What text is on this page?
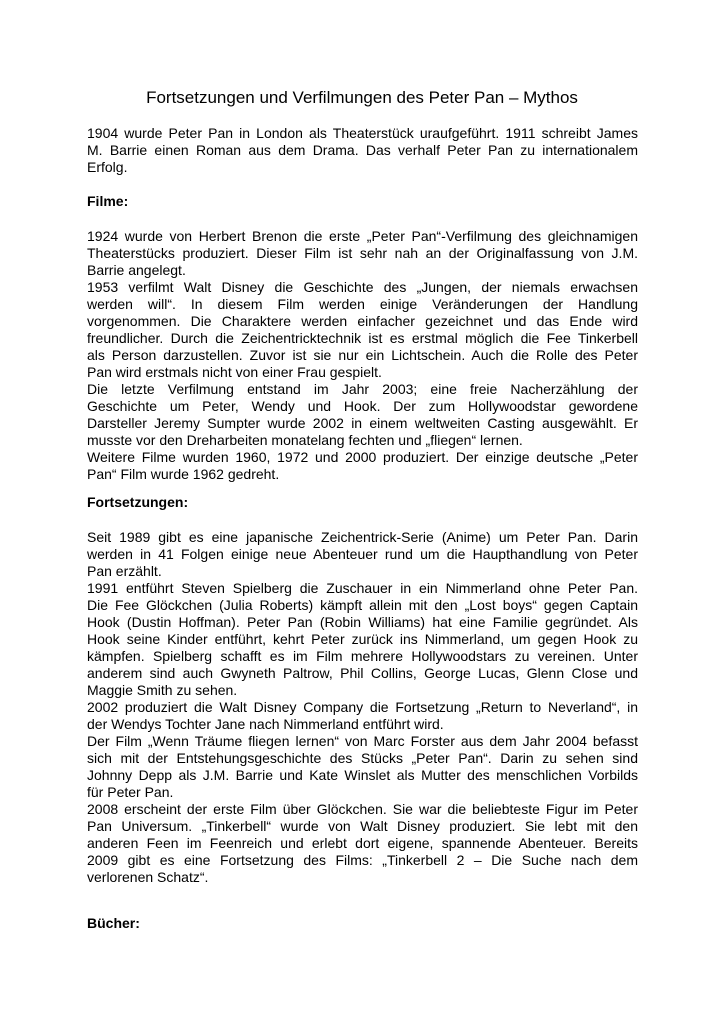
Fortsetzungen und Verfilmungen des Peter Pan – Mythos
1904 wurde Peter Pan in London als Theaterstück uraufgeführt. 1911 schreibt James
M. Barrie einen Roman aus dem Drama. Das verhalf Peter Pan zu internationalem
Erfolg.
Filme:
1924 wurde von Herbert Brenon die erste „Peter Pan“-Verfilmung des gleichnamigen
Theaterstücks produziert. Dieser Film ist sehr nah an der Originalfassung von J.M.
Barrie angelegt.
1953 verfilmt Walt Disney die Geschichte des „Jungen, der niemals erwachsen
werden will“. In diesem Film werden einige Veränderungen der Handlung
vorgenommen. Die Charaktere werden einfacher gezeichnet und das Ende wird
freundlicher. Durch die Zeichentricktechnik ist es erstmal möglich die Fee Tinkerbell
als Person darzustellen. Zuvor ist sie nur ein Lichtschein. Auch die Rolle des Peter
Pan wird erstmals nicht von einer Frau gespielt.
Die letzte Verfilmung entstand im Jahr 2003; eine freie Nacherzählung der
Geschichte um Peter, Wendy und Hook. Der zum Hollywoodstar gewordene
Darsteller Jeremy Sumpter wurde 2002 in einem weltweiten Casting ausgewählt. Er
musste vor den Dreharbeiten monatelang fechten und „fliegen“ lernen.
Weitere Filme wurden 1960, 1972 und 2000 produziert. Der einzige deutsche „Peter
Pan“ Film wurde 1962 gedreht.
Fortsetzungen:
Seit 1989 gibt es eine japanische Zeichentrick-Serie (Anime) um Peter Pan. Darin
werden in 41 Folgen einige neue Abenteuer rund um die Haupthandlung von Peter
Pan erzählt.
1991 entführt Steven Spielberg die Zuschauer in ein Nimmerland ohne Peter Pan.
Die Fee Glöckchen (Julia Roberts) kämpft allein mit den „Lost boys“ gegen Captain
Hook (Dustin Hoffman). Peter Pan (Robin Williams) hat eine Familie gegründet. Als
Hook seine Kinder entführt, kehrt Peter zurück ins Nimmerland, um gegen Hook zu
kämpfen. Spielberg schafft es im Film mehrere Hollywoodstars zu vereinen. Unter
anderem sind auch Gwyneth Paltrow, Phil Collins, George Lucas, Glenn Close und
Maggie Smith zu sehen.
2002 produziert die Walt Disney Company die Fortsetzung „Return to Neverland“, in
der Wendys Tochter Jane nach Nimmerland entführt wird.
Der Film „Wenn Träume fliegen lernen“ von Marc Forster aus dem Jahr 2004 befasst
sich mit der Entstehungsgeschichte des Stücks „Peter Pan“. Darin zu sehen sind
Johnny Depp als J.M. Barrie und Kate Winslet als Mutter des menschlichen Vorbilds
für Peter Pan.
2008 erscheint der erste Film über Glöckchen. Sie war die beliebteste Figur im Peter
Pan Universum. „Tinkerbell“ wurde von Walt Disney produziert. Sie lebt mit den
anderen Feen im Feenreich und erlebt dort eigene, spannende Abenteuer. Bereits
2009 gibt es eine Fortsetzung des Films: „Tinkerbell 2 – Die Suche nach dem
verlorenen Schatz“.
Bücher:
